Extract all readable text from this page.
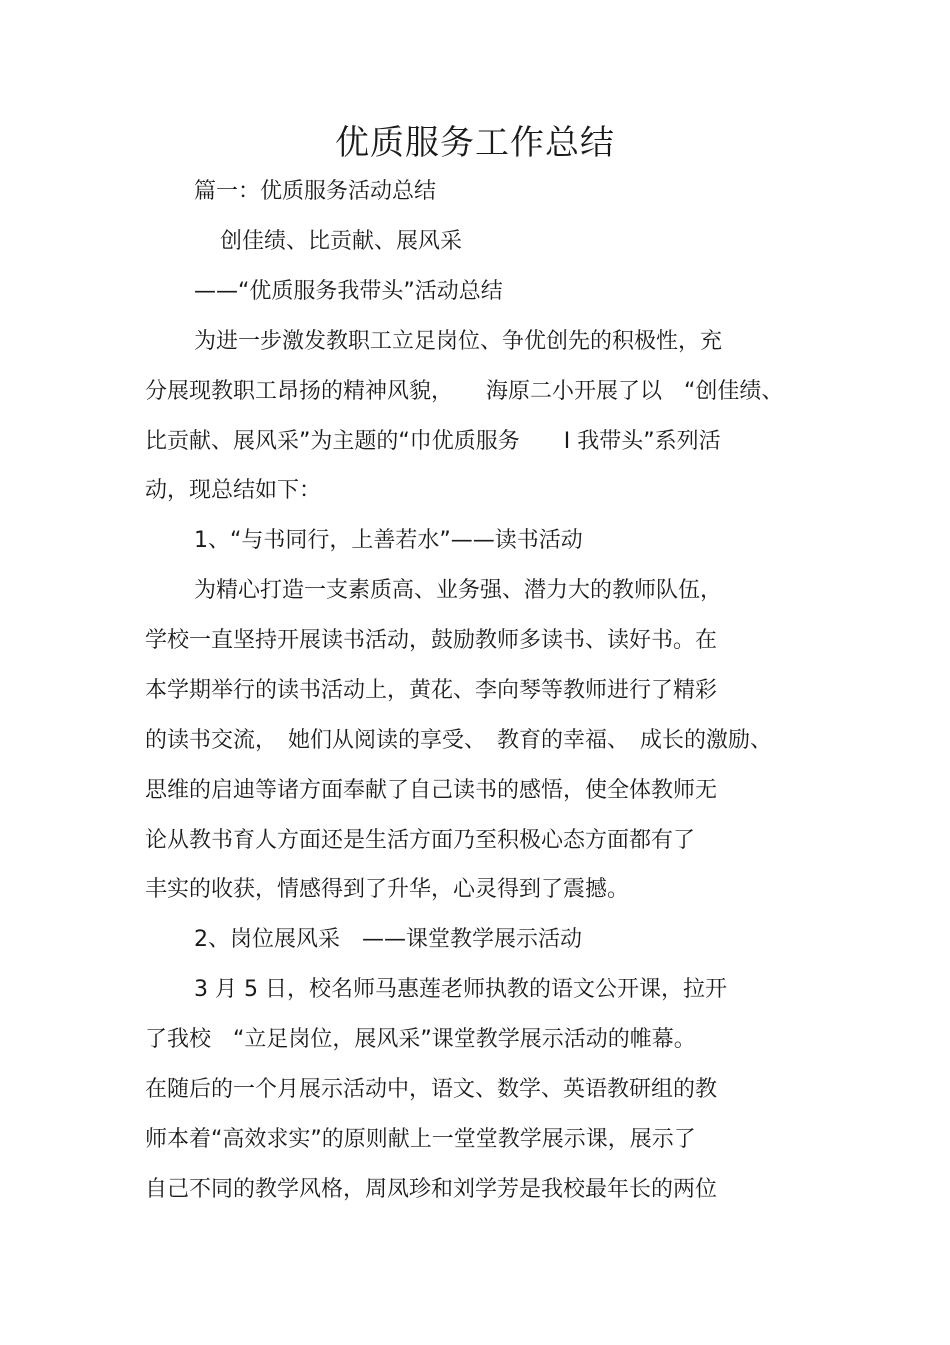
优质服务工作总结
篇一：优质服务活动总结
创佳绩、比贡献、展风采
——“优质服务我带头”活动总结
为进一步激发教职工立足岗位、争优创先的积极性，充
分展现教职工昂扬的精神风貌，　　海原二小开展了以　“创佳绩、
比贡献、展风采”为主题的“巾优质服务　　I 我带头”系列活
动，现总结如下：
1、“与书同行，上善若水”——读书活动
为精心打造一支素质高、业务强、潜力大的教师队伍，
学校一直坚持开展读书活动，鼓励教师多读书、读好书。在
本学期举行的读书活动上，黄花、李向琴等教师进行了精彩
的读书交流，　她们从阅读的享受、　教育的幸福、　成长的激励、
思维的启迪等诸方面奉献了自己读书的感悟，使全体教师无
论从教书育人方面还是生活方面乃至积极心态方面都有了
丰实的收获，情感得到了升华，心灵得到了震撼。
2、岗位展风采　——课堂教学展示活动
3 月 5 日，校名师马惠莲老师执教的语文公开课，拉开
了我校　“立足岗位，展风采”课堂教学展示活动的帷幕。
在随后的一个月展示活动中，语文、数学、英语教研组的教
师本着“高效求实”的原则献上一堂堂教学展示课，展示了
自己不同的教学风格，周凤珍和刘学芳是我校最年长的两位
